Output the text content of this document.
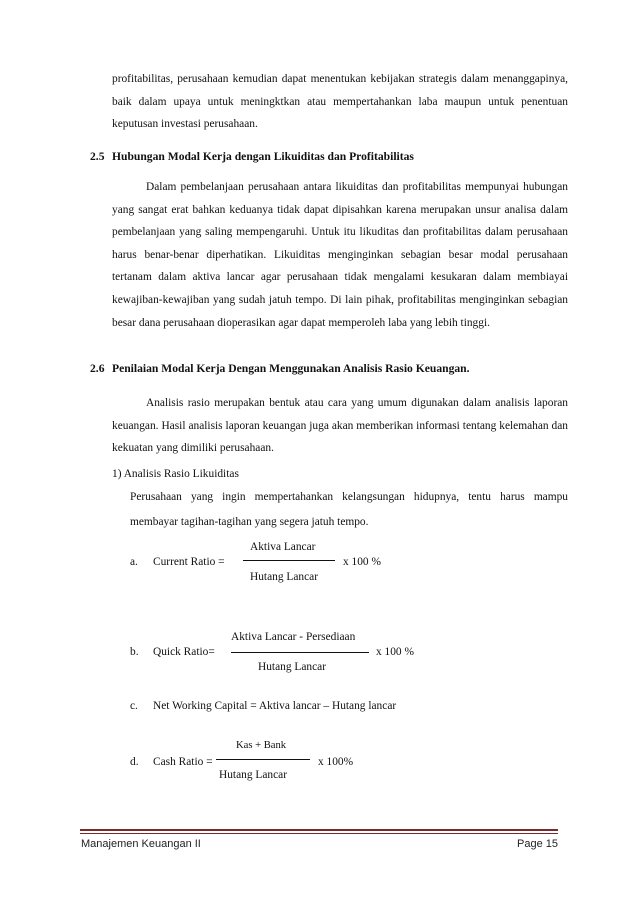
profitabilitas, perusahaan kemudian dapat menentukan kebijakan strategis dalam menanggapinya, baik dalam upaya untuk meningktkan atau mempertahankan laba maupun untuk penentuan keputusan investasi perusahaan.

2.5 Hubungan Modal Kerja dengan Likuiditas dan Profitabilitas

Dalam pembelanjaan perusahaan antara likuiditas dan profitabilitas mempunyai hubungan yang sangat erat bahkan keduanya tidak dapat dipisahkan karena merupakan unsur analisa dalam pembelanjaan yang saling mempengaruhi. Untuk itu likuditas dan profitabilitas dalam perusahaan harus benar-benar diperhatikan. Likuiditas menginginkan sebagian besar modal perusahaan tertanam dalam aktiva lancar agar perusahaan tidak mengalami kesukaran dalam membiayai kewajiban-kewajiban yang sudah jatuh tempo. Di lain pihak, profitabilitas menginginkan sebagian besar dana perusahaan dioperasikan agar dapat memperoleh laba yang lebih tinggi.

2.6 Penilaian Modal Kerja Dengan Menggunakan Analisis Rasio Keuangan.

Analisis rasio merupakan bentuk atau cara yang umum digunakan dalam analisis laporan keuangan. Hasil analisis laporan keuangan juga akan memberikan informasi tentang kelemahan dan kekuatan yang dimiliki perusahaan.

1) Analisis Rasio Likuiditas

Perusahaan yang ingin mempertahankan kelangsungan hidupnya, tentu harus mampu membayar tagihan-tagihan yang segera jatuh tempo.

a. Current Ratio =
Aktiva Lancar
x 100 %
Hutang Lancar
b. Quick Ratio=
Aktiva Lancar - Persediaan
x 100 %
Hutang Lancar
c. Net Working Capital = Aktiva lancar – Hutang lancar
d. Cash Ratio =
Kas + Bank
x 100%
Hutang Lancar
Manajemen Keuangan II	Page 15
